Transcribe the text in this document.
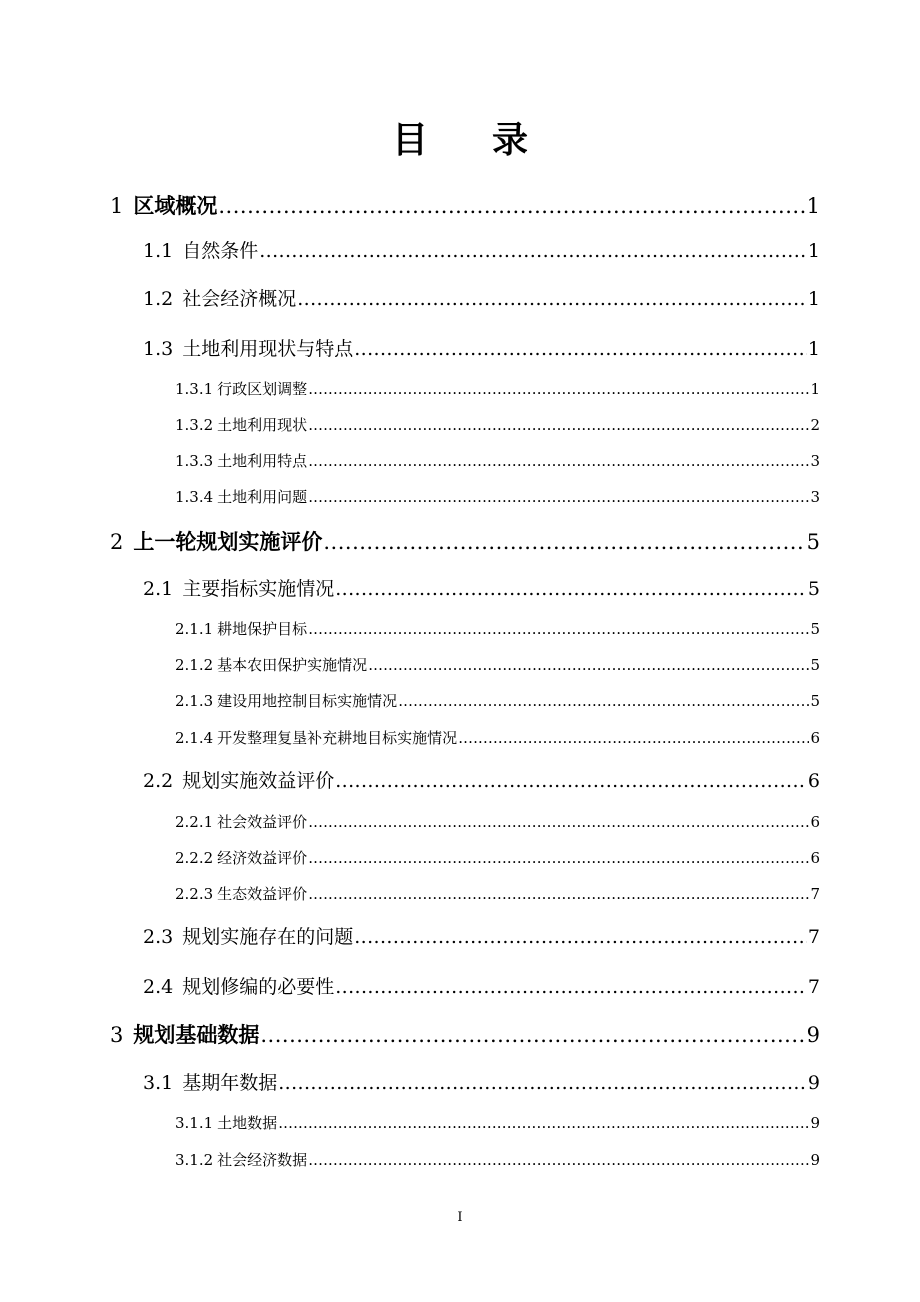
目 录
1 区域概况 .....	1
1.1 自然条件 .....	1
1.2 社会经济概况 .....	1
1.3 土地利用现状与特点 .....	1
1.3.1 行政区划调整 .....	1
1.3.2 土地利用现状 .....	2
1.3.3 土地利用特点 .....	3
1.3.4 土地利用问题 .....	3
2 上一轮规划实施评价 .....	5
2.1 主要指标实施情况 .....	5
2.1.1 耕地保护目标 .....	5
2.1.2 基本农田保护实施情况 .....	5
2.1.3 建设用地控制目标实施情况 .....	5
2.1.4 开发整理复垦补充耕地目标实施情况 .....	6
2.2 规划实施效益评价 .....	6
2.2.1 社会效益评价 .....	6
2.2.2 经济效益评价 .....	6
2.2.3 生态效益评价 .....	7
2.3 规划实施存在的问题 .....	7
2.4 规划修编的必要性 .....	7
3 规划基础数据 .....	9
3.1 基期年数据 .....	9
3.1.1 土地数据 .....	9
3.1.2 社会经济数据 .....	9
I
